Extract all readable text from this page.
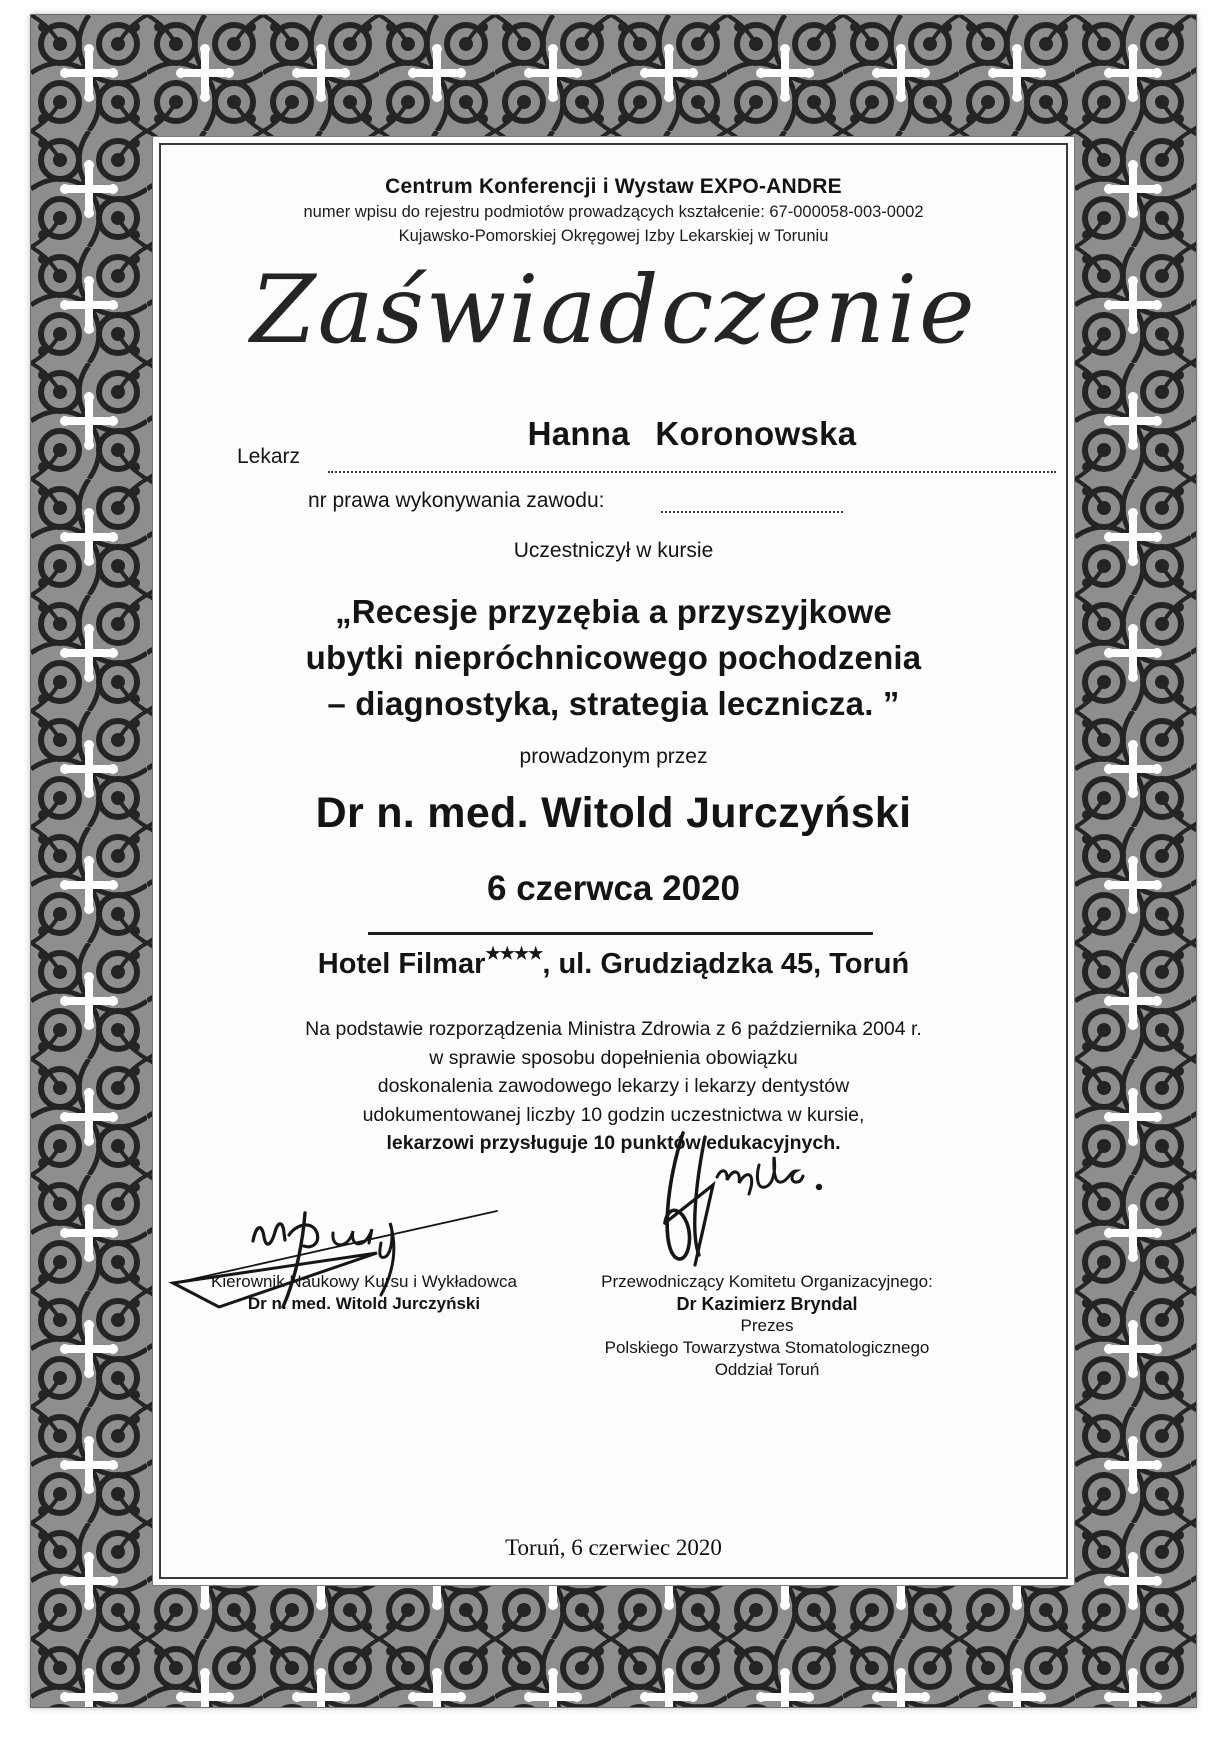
Centrum Konferencji i Wystaw EXPO-ANDRE
numer wpisu do rejestru podmiotów prowadzących kształcenie: 67-000058-003-0002
Kujawsko-Pomorskiej Okręgowej Izby Lekarskiej w Toruniu
Zaświadczenie
Lekarz
Hanna Koronowska
nr prawa wykonywania zawodu:
Uczestniczył w kursie
„Recesje przyzębia a przyszyjkowe
ubytki niepróchnicowego pochodzenia
– diagnostyka, strategia lecznicza. ”
prowadzonym przez
Dr n. med. Witold Jurczyński
6 czerwca 2020
Hotel Filmar★★★★, ul. Grudziądzka 45, Toruń
Na podstawie rozporządzenia Ministra Zdrowia z 6 października 2004 r.
w sprawie sposobu dopełnienia obowiązku
doskonalenia zawodowego lekarzy i lekarzy dentystów
udokumentowanej liczby 10 godzin uczestnictwa w kursie,
lekarzowi przysługuje 10 punktów edukacyjnych.
Kierownik Naukowy Kursu i Wykładowca
Dr n. med. Witold Jurczyński
Przewodniczący Komitetu Organizacyjnego:
Dr Kazimierz Bryndal
Prezes
Polskiego Towarzystwa Stomatologicznego
Oddział Toruń
Toruń, 6 czerwiec 2020
